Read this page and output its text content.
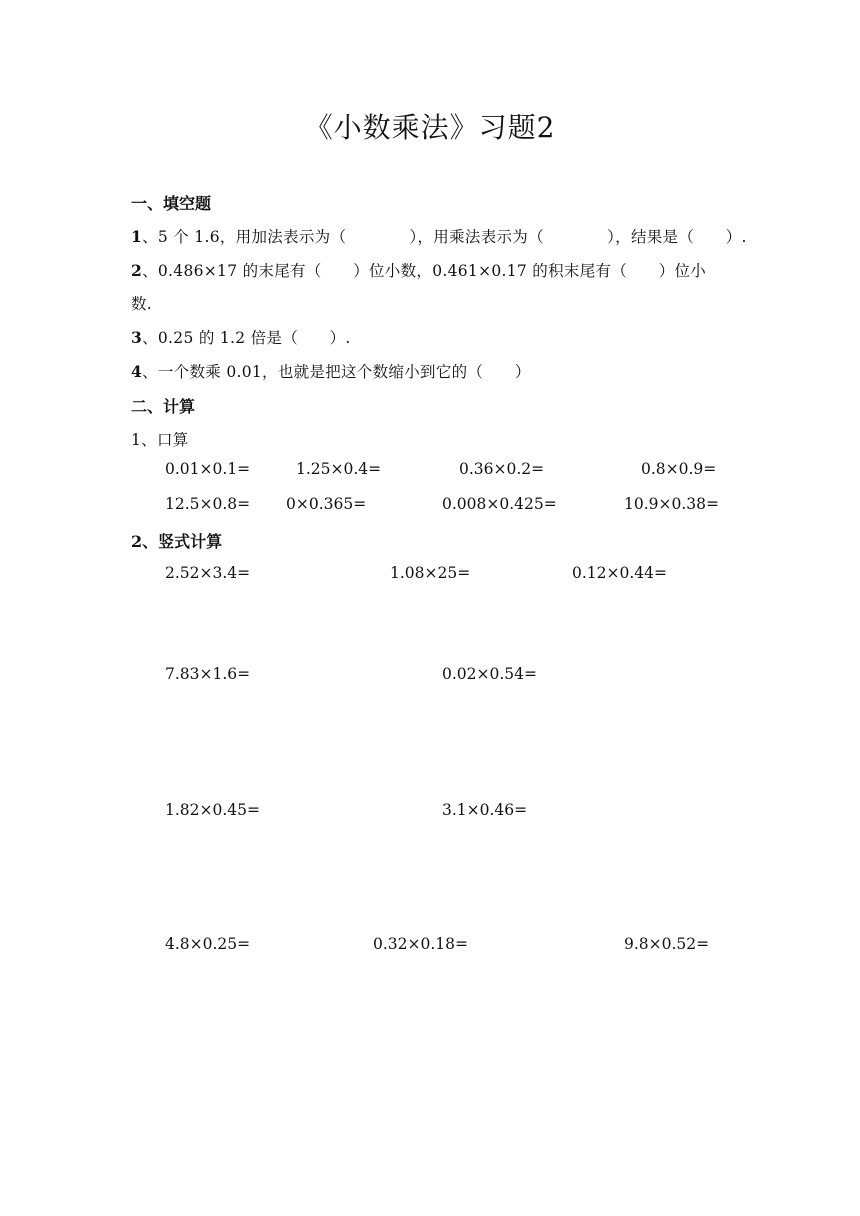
《小数乘法》习题2
一、填空题
1、5 个 1.6，用加法表示为（　　　　），用乘法表示为（　　　　），结果是（　　）.
2、0.486×17 的末尾有（　　）位小数，0.461×0.17 的积末尾有（　　）位小
数.
3、0.25 的 1.2 倍是（　　）.
4、一个数乘 0.01，也就是把这个数缩小到它的（　　）
二、计算
1、口算
0.01×0.1=	1.25×0.4=	0.36×0.2=	0.8×0.9=
12.5×0.8= 0×0.365=	0.008×0.425=	10.9×0.38=
2、竖式计算
2.52×3.4=	1.08×25=	0.12×0.44=
7.83×1.6=	0.02×0.54=
1.82×0.45=	3.1×0.46=
4.8×0.25=	0.32×0.18=	9.8×0.52=
